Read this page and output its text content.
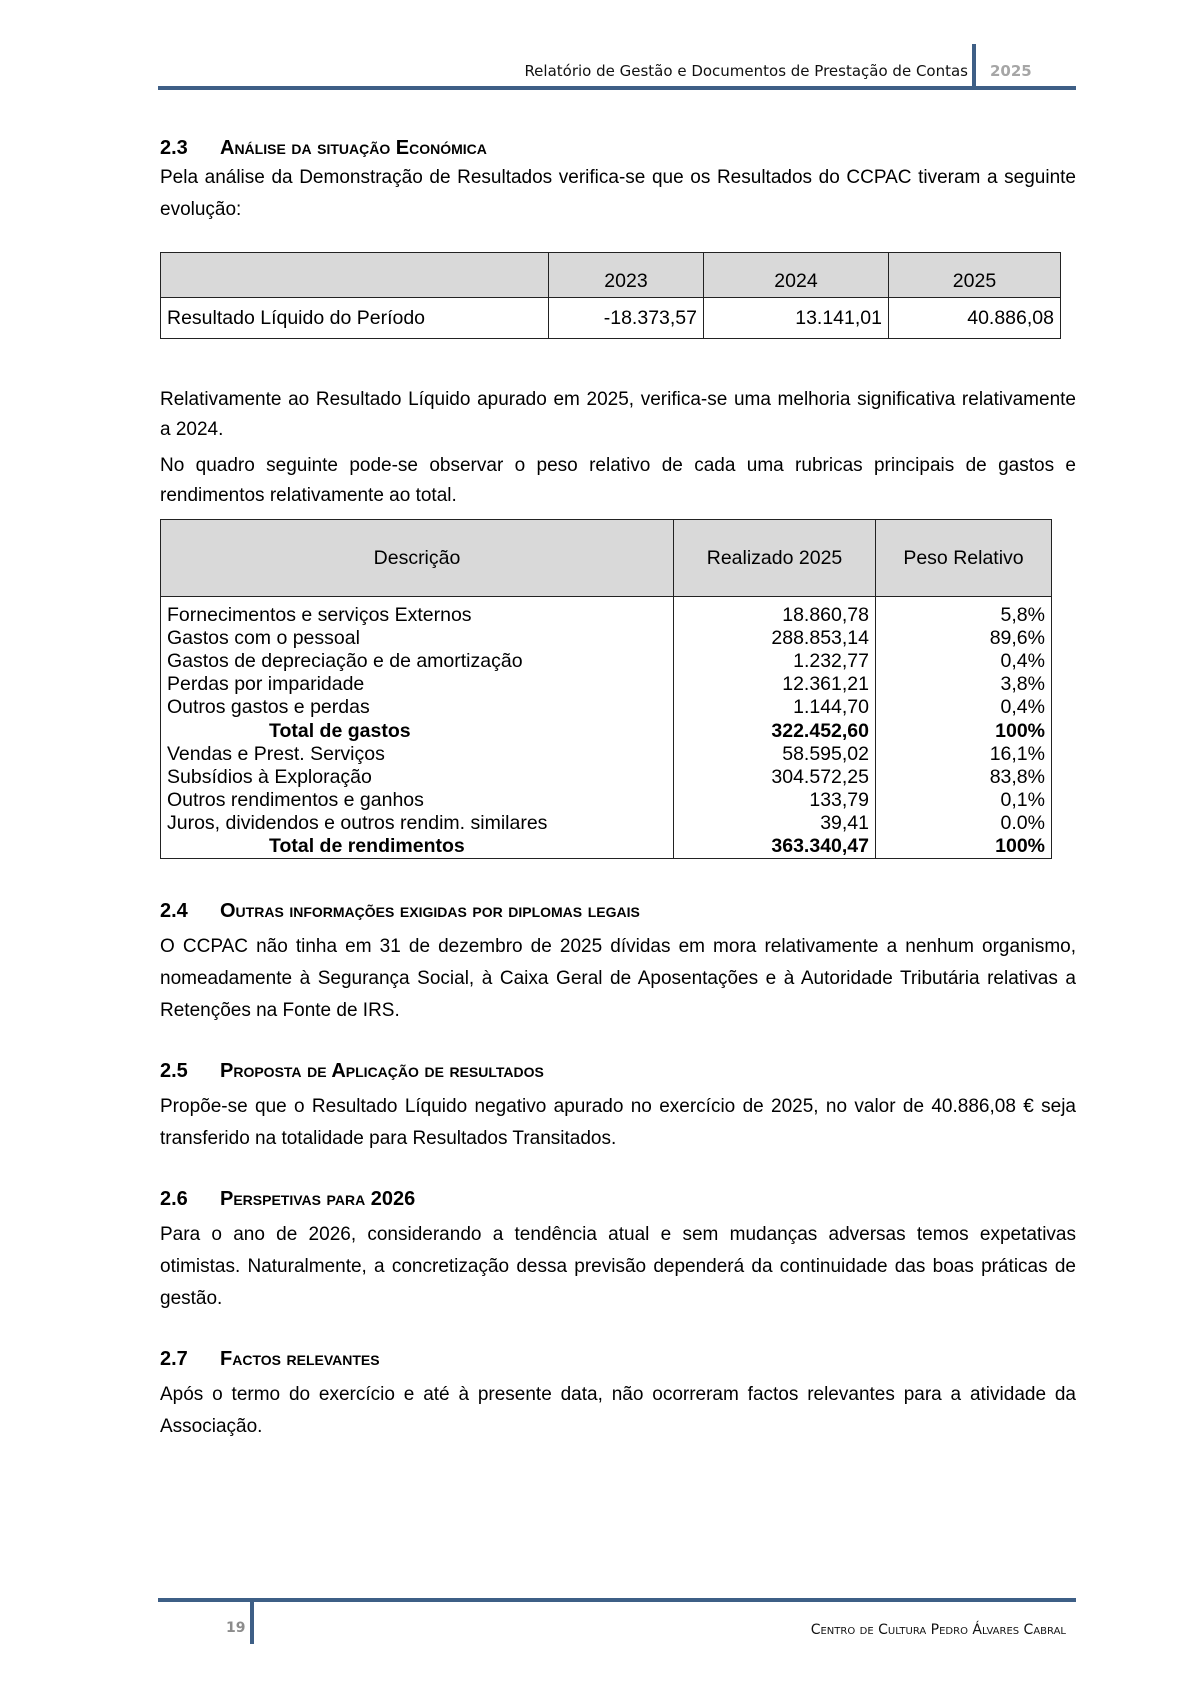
Relatório de Gestão e Documentos de Prestação de Contas 2025
2.3	Análise da situação Económica

Pela análise da Demonstração de Resultados verifica-se que os Resultados do CCPAC tiveram a seguinte evolução:

	2023	2024	2025
Resultado Líquido do Período	-18.373,57	13.141,01	40.886,08

Relativamente ao Resultado Líquido apurado em 2025, verifica-se uma melhoria significativa relativamente a 2024.

No quadro seguinte pode-se observar o peso relativo de cada uma rubricas principais de gastos e rendimentos relativamente ao total.

Descrição	Realizado 2025	Peso Relativo
Fornecimentos e serviços Externos	18.860,78	5,8%
Gastos com o pessoal	288.853,14	89,6%
Gastos de depreciação e de amortização	1.232,77	0,4%
Perdas por imparidade	12.361,21	3,8%
Outros gastos e perdas	1.144,70	0,4%
Total de gastos	322.452,60	100%
Vendas e Prest. Serviços	58.595,02	16,1%
Subsídios à Exploração	304.572,25	83,8%
Outros rendimentos e ganhos	133,79	0,1%
Juros, dividendos e outros rendim. similares	39,41	0.0%
Total de rendimentos	363.340,47	100%
2.4	Outras informações exigidas por diplomas legais

O CCPAC não tinha em 31 de dezembro de 2025 dívidas em mora relativamente a nenhum organismo, nomeadamente à Segurança Social, à Caixa Geral de Aposentações e à Autoridade Tributária relativas a Retenções na Fonte de IRS.

2.5	Proposta de Aplicação de resultados

Propõe-se que o Resultado Líquido negativo apurado no exercício de 2025, no valor de 40.886,08 € seja transferido na totalidade para Resultados Transitados.

2.6	Perspetivas para 2026

Para o ano de 2026, considerando a tendência atual e sem mudanças adversas temos expetativas otimistas. Naturalmente, a concretização dessa previsão dependerá da continuidade das boas práticas de gestão.

2.7	Factos relevantes

Após o termo do exercício e até à presente data, não ocorreram factos relevantes para a atividade da Associação.

19	Centro de Cultura Pedro Álvares Cabral
